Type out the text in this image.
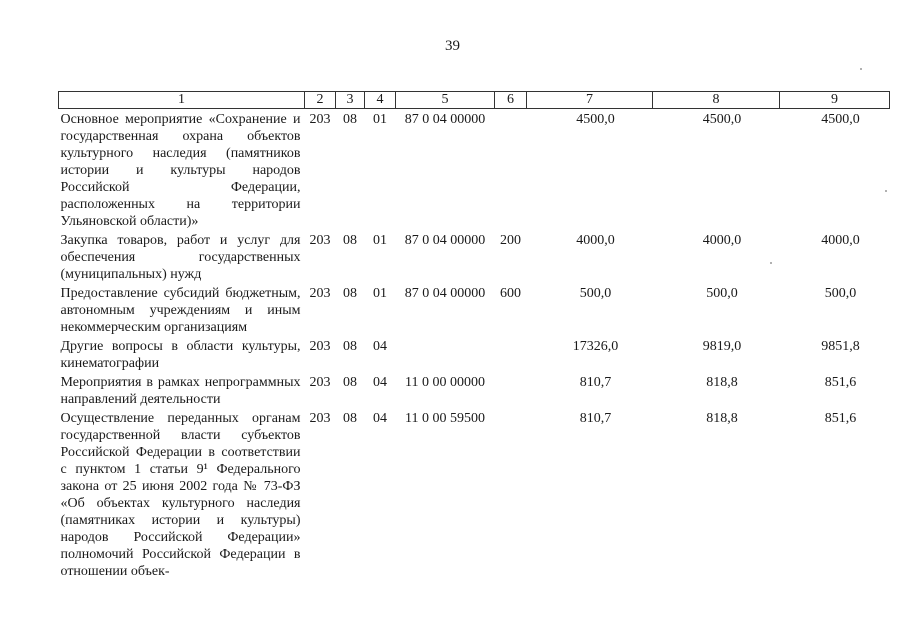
39
1	2	3	4	5	6	7	8	9
Основное мероприятие «Сохранение и государственная охрана объектов культурного наследия (памятников истории и культуры народов Российской Федерации, расположенных на территории Ульяновской области)»	203	08	01	87 0 04 00000		4500,0	4500,0	4500,0
Закупка товаров, работ и услуг для обеспечения государственных (муниципальных) нужд	203	08	01	87 0 04 00000	200	4000,0	4000,0	4000,0
Предоставление субсидий бюджетным, автономным учреждениям и иным некоммерческим организациям	203	08	01	87 0 04 00000	600	500,0	500,0	500,0
Другие вопросы в области культуры, кинематографии	203	08	04			17326,0	9819,0	9851,8
Мероприятия в рамках непрограммных направлений деятельности	203	08	04	11 0 00 00000		810,7	818,8	851,6
Осуществление переданных органам государственной власти субъектов Российской Федерации в соответствии с пунктом 1 статьи 9¹ Федерального закона от 25 июня 2002 года № 73-ФЗ «Об объектах культурного наследия (памятниках истории и культуры) народов Российской Федерации» полномочий Российской Федерации в отношении объек-	203	08	04	11 0 00 59500		810,7	818,8	851,6
